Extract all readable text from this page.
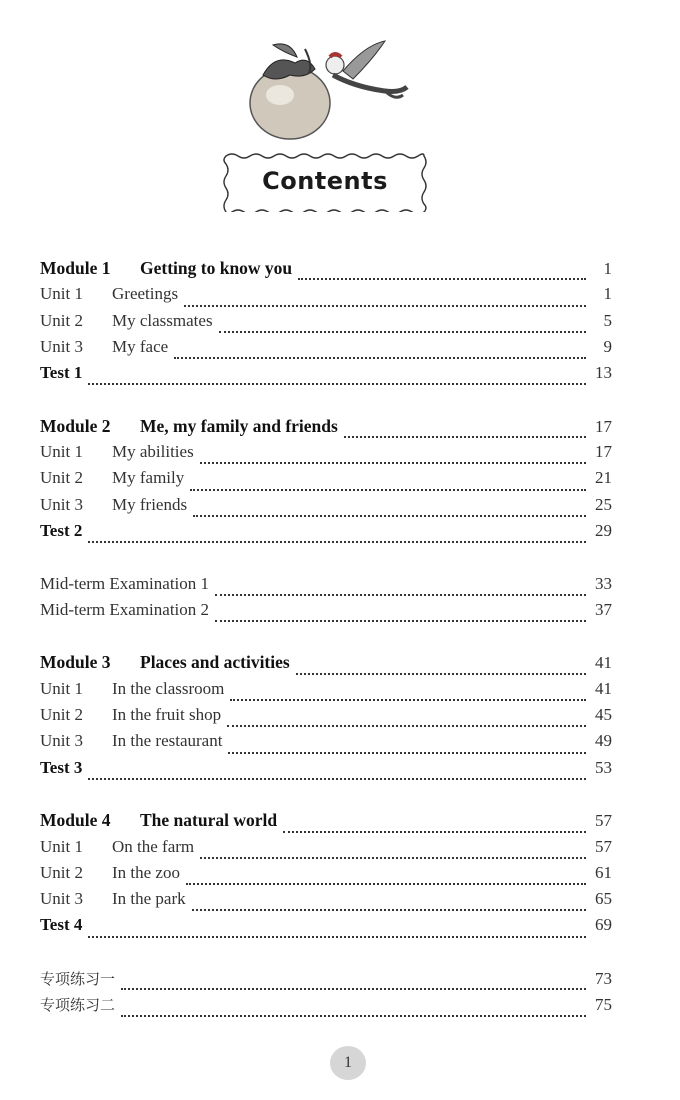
Contents
Module 1 Getting to know you	1
Unit 1 Greetings	1
Unit 2 My classmates	5
Unit 3 My face	9
Test 1	13
Module 2 Me, my family and friends	17
Unit 1 My abilities	17
Unit 2 My family	21
Unit 3 My friends	25
Test 2	29
Mid-term Examination 1	33
Mid-term Examination 2	37
Module 3 Places and activities	41
Unit 1 In the classroom	41
Unit 2 In the fruit shop	45
Unit 3 In the restaurant	49
Test 3	53
Module 4 The natural world	57
Unit 1 On the farm	57
Unit 2 In the zoo	61
Unit 3 In the park	65
Test 4	69
专项练习一	73
专项练习二	75
1
